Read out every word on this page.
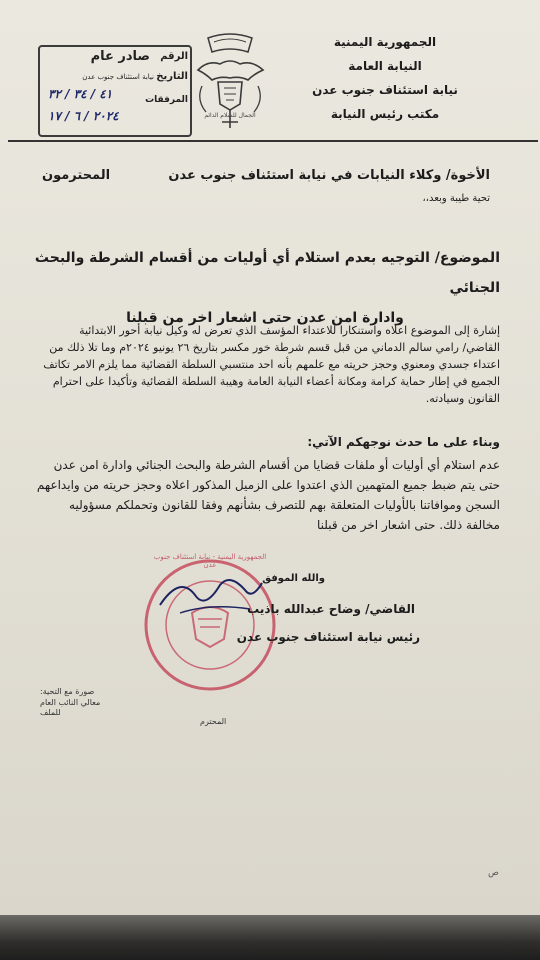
الجمهورية اليمنية
النيابة العامة
نيابة استئناف جنوب عدن
مكتب رئيس النيابة
الجمال للسلام الدائم
صادر عام الرقم
التاريخ
نيابة استئناف جنوب عدن
٤١ / ٣٤ / ٣٢	المرفقات
٢٠٢٤ / ٦ / ١٧
الأخوة/ وكلاء النيابات في نيابة استئناف جنوب عدن
المحترمون
تحية طيبة وبعد،،
الموضوع/ التوجيه بعدم استلام أي أوليات من أقسام الشرطة والبحث الجنائي
وادارة امن عدن حتى اشعار اخر من قبلنا
إشارة إلى الموضوع اعلاه واستنكارا للاعتداء المؤسف الذي تعرض له وكيل نيابة أحور الابتدائية القاضي/ رامي سالم الدماني من قبل قسم شرطة خور مكسر بتاريخ ٢٦ يونيو ٢٠٢٤م وما تلا ذلك من اعتداء جسدي ومعنوي وحجز حريته مع علمهم بأنه احد منتسبي السلطة القضائية مما يلزم الامر تكاتف الجميع في إطار حماية كرامة ومكانة أعضاء النيابة العامة وهيبة السلطة القضائية وتأكيدا على احترام القانون وسيادته.
وبناء على ما حدث نوجهكم الآتي:
عدم استلام أي أوليات أو ملفات قضايا من أقسام الشرطة والبحث الجنائي وادارة امن عدن حتى يتم ضبط جميع المتهمين الذي اعتدوا على الزميل المذكور اعلاه وحجز حريته من وايداعهم السجن وموافاتنا بالأوليات المتعلقة بهم للتصرف بشأنهم وفقا للقانون وتحملكم مسؤوليه مخالفة ذلك. حتى اشعار اخر من قبلنا
الجمهورية اليمنية - نيابة استئناف جنوب عدن
والله الموفق
القاضي/ وضاح عبدالله باذيب
رئيس نيابة استئناف جنوب عدن
صورة مع التحية:
معالي النائب العام
للملف
المحترم
ص
